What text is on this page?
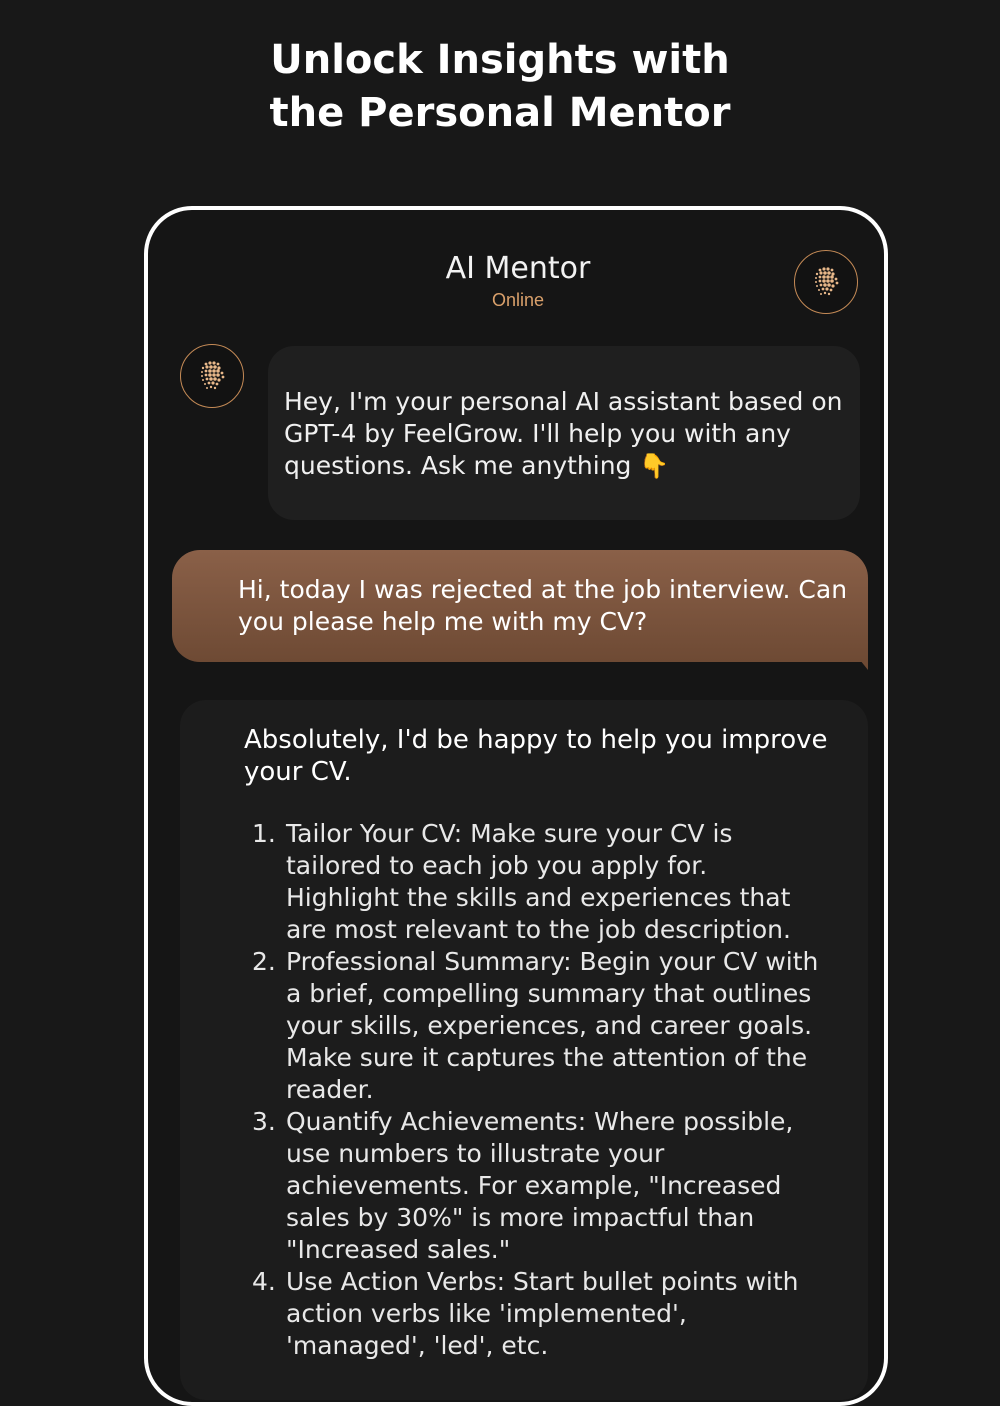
Unlock Insights with
the Personal Mentor
AI Mentor
Online
Hey, I'm your personal AI assistant based on GPT-4 by FeelGrow. I'll help you with any questions. Ask me anything 👇
Hi, today I was rejected at the job interview. Can you please help me with my CV?
Absolutely, I'd be happy to help you improve your CV.
1. Tailor Your CV: Make sure your CV is tailored to each job you apply for. Highlight the skills and experiences that are most relevant to the job description.
2. Professional Summary: Begin your CV with a brief, compelling summary that outlines your skills, experiences, and career goals. Make sure it captures the attention of the reader.
3. Quantify Achievements: Where possible, use numbers to illustrate your achievements. For example, "Increased sales by 30%" is more impactful than "Increased sales."
4. Use Action Verbs: Start bullet points with action verbs like 'implemented', 'managed', 'led', etc.
